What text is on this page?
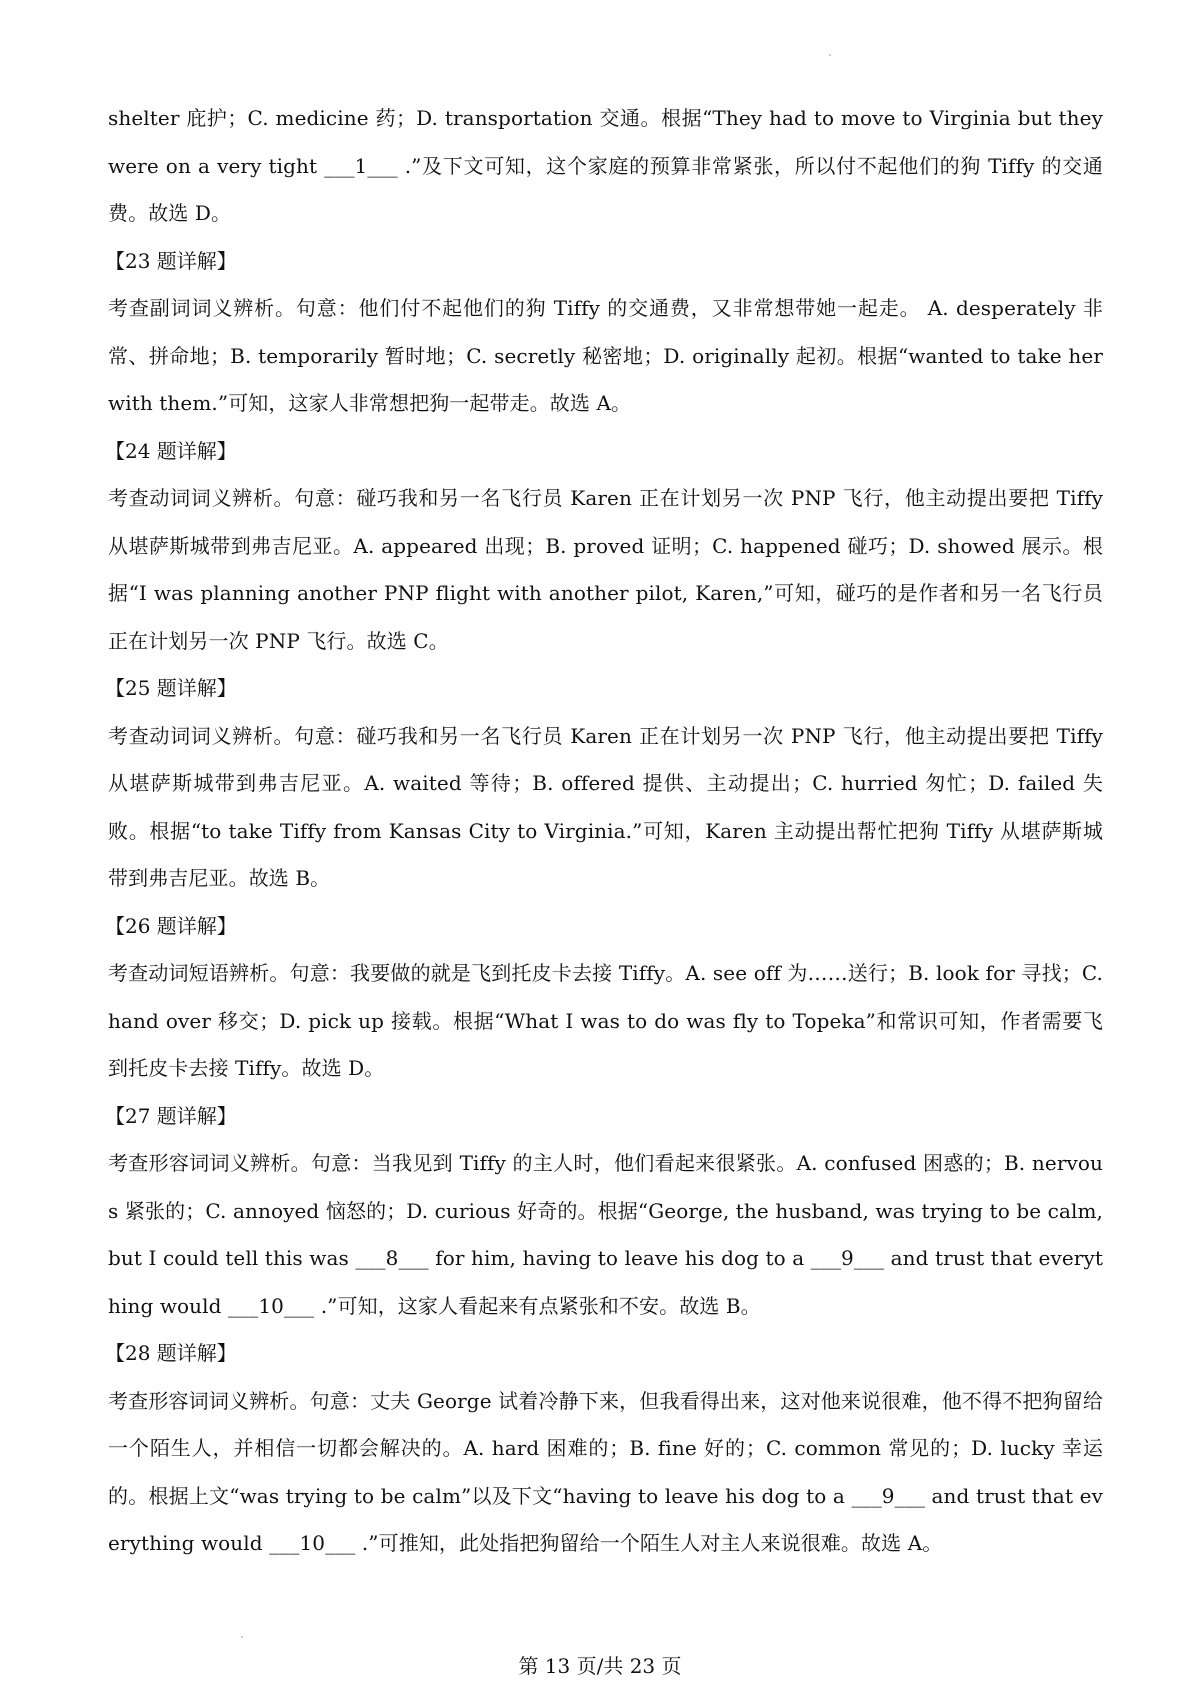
shelter 庇护；C. medicine 药；D. transportation 交通。根据“They had to move to Virginia but they were on a very tight ___1___ .”及下文可知，这个家庭的预算非常紧张，所以付不起他们的狗 Tiffy 的交通费。故选 D。

【23 题详解】

考查副词词义辨析。句意：他们付不起他们的狗 Tiffy 的交通费，又非常想带她一起走。 A. desperately 非常、拼命地；B. temporarily 暂时地；C. secretly 秘密地；D. originally 起初。根据“wanted to take her with them.”可知，这家人非常想把狗一起带走。故选 A。

【24 题详解】

考查动词词义辨析。句意：碰巧我和另一名飞行员 Karen 正在计划另一次 PNP 飞行，他主动提出要把 Tiffy 从堪萨斯城带到弗吉尼亚。A. appeared 出现；B. proved 证明；C. happened 碰巧；D. showed 展示。根据“I was planning another PNP flight with another pilot, Karen,”可知，碰巧的是作者和另一名飞行员正在计划另一次 PNP 飞行。故选 C。

【25 题详解】

考查动词词义辨析。句意：碰巧我和另一名飞行员 Karen 正在计划另一次 PNP 飞行，他主动提出要把 Tiffy 从堪萨斯城带到弗吉尼亚。A. waited 等待；B. offered 提供、主动提出；C. hurried 匆忙；D. failed 失败。根据“to take Tiffy from Kansas City to Virginia.”可知，Karen 主动提出帮忙把狗 Tiffy 从堪萨斯城带到弗吉尼亚。故选 B。

【26 题详解】

考查动词短语辨析。句意：我要做的就是飞到托皮卡去接 Tiffy。A. see off 为……送行；B. look for 寻找；C. hand over 移交；D. pick up 接载。根据“What I was to do was fly to Topeka”和常识可知，作者需要飞到托皮卡去接 Tiffy。故选 D。

【27 题详解】

考查形容词词义辨析。句意：当我见到 Tiffy 的主人时，他们看起来很紧张。A. confused 困惑的；B. nervous 紧张的；C. annoyed 恼怒的；D. curious 好奇的。根据“George, the husband, was trying to be calm, but I could tell this was ___8___ for him, having to leave his dog to a ___9___ and trust that everything would ___10___ .”可知，这家人看起来有点紧张和不安。故选 B。

【28 题详解】

考查形容词词义辨析。句意：丈夫 George 试着冷静下来，但我看得出来，这对他来说很难，他不得不把狗留给一个陌生人，并相信一切都会解决的。A. hard 困难的；B. fine 好的；C. common 常见的；D. lucky 幸运的。根据上文“was trying to be calm”以及下文“having to leave his dog to a ___9___ and trust that everything would ___10___ .”可推知，此处指把狗留给一个陌生人对主人来说很难。故选 A。

第 13 页/共 23 页
